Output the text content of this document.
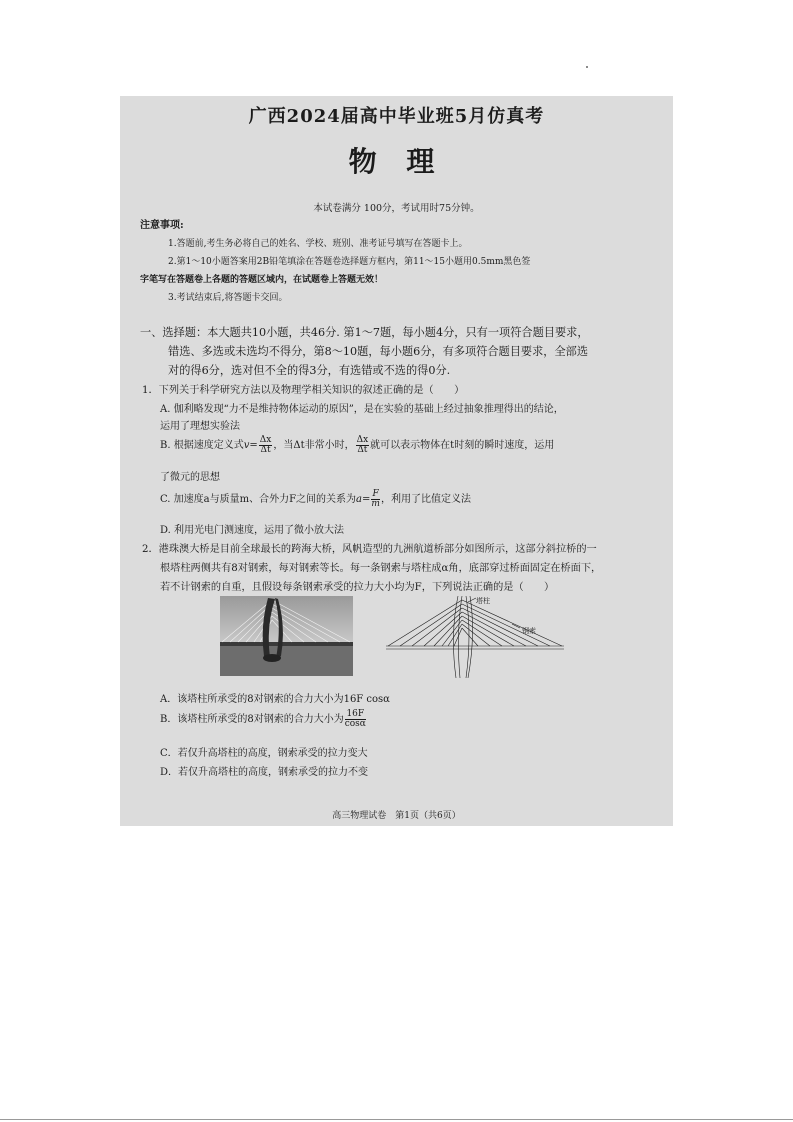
广西2024届高中毕业班5月仿真考
物 理
本试卷满分 100分，考试用时75分钟。
注意事项:
1.答题前,考生务必将自己的姓名、学校、班别、准考证号填写在答题卡上。
2.第1～10小题答案用2B铅笔填涂在答题卷选择题方框内，第11～15小题用0.5mm黑色签
字笔写在答题卷上各题的答题区域内，在试题卷上答题无效！
3.考试结束后,将答题卡交回。
一、选择题：本大题共10小题，共46分. 第1～7题，每小题4分，只有一项符合题目要求，
错选、多选或未选均不得分，第8～10题，每小题6分，有多项符合题目要求，全部选
对的得6分，选对但不全的得3分，有选错或不选的得0分.
1．下列关于科学研究方法以及物理学相关知识的叙述正确的是（　　）
A. 伽利略发现“力不是维持物体运动的原因”，是在实验的基础上经过抽象推理得出的结论，
运用了理想实验法
B. 根据速度定义式$v= \frac{\Delta x}{\Delta t}$ ，当Δt非常小时， $\frac{\Delta x}{\Delta t}$ 就可以表示物体在t时刻的瞬时速度，运用
了微元的思想
C. 加速度a与质量m、合外力F之间的关系为$a= \frac{F}{m}$ ，利用了比值定义法
D. 利用光电门测速度，运用了微小放大法
2．港珠澳大桥是目前全球最长的跨海大桥，风帆造型的九洲航道桥部分如图所示，这部分斜拉桥的一
根塔柱两侧共有8对钢索，每对钢索等长。每一条钢索与塔柱成α角，底部穿过桥面固定在桥面下，
若不计钢索的自重，且假设每条钢索承受的拉力大小均为F，下列说法正确的是（　　）
塔柱
钢索
A．该塔柱所承受的8对钢索的合力大小为16F cosα
B．该塔柱所承受的8对钢索的合力大小为 $\frac{16F}{\cos\alpha}$
C．若仅升高塔柱的高度，钢索承受的拉力变大
D．若仅升高塔柱的高度，钢索承受的拉力不变
高三物理试卷　第1页（共6页）
